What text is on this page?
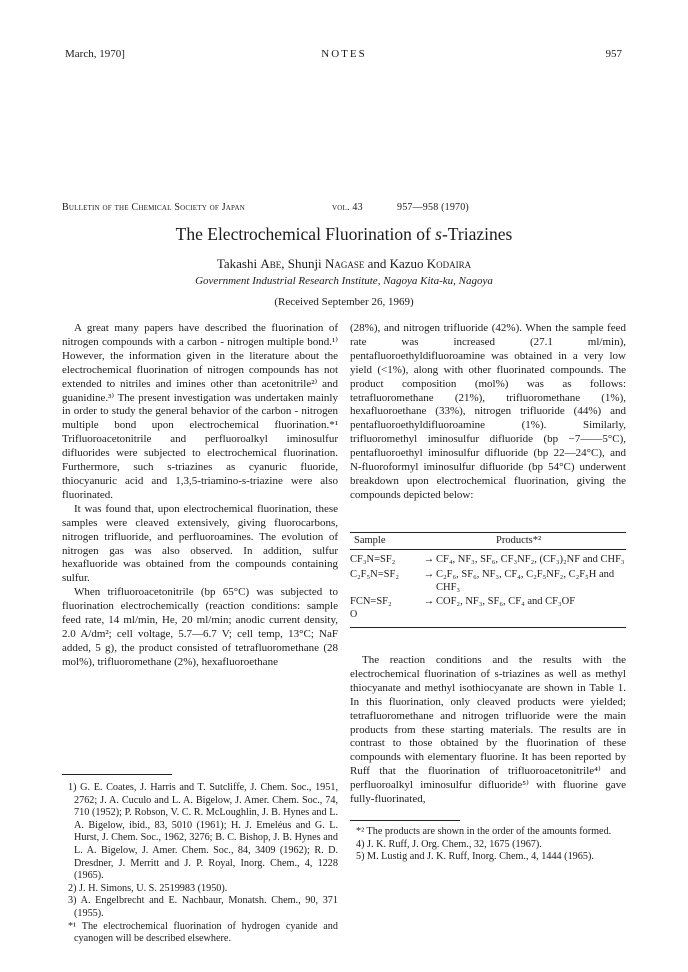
March, 1970]	NOTES	957
Bulletin of the Chemical Society of Japan	vol. 43	957—958 (1970)
The Electrochemical Fluorination of s-Triazines
Takashi Abe, Shunji Nagase and Kazuo Kodaira
Government Industrial Research Institute, Nagoya Kita-ku, Nagoya
(Received September 26, 1969)

A great many papers have described the fluorination of nitrogen compounds with a carbon - nitrogen multiple bond.¹⁾ However, the information given in the literature about the electrochemical fluorination of nitrogen compounds has not extended to nitriles and imines other than acetonitrile²⁾ and guanidine.³⁾ The present investigation was undertaken mainly in order to study the general behavior of the carbon - nitrogen multiple bond upon electrochemical fluorination.*¹ Trifluoroacetonitrile and perfluoroalkyl iminosulfur difluorides were subjected to electrochemical fluorination. Furthermore, such s-triazines as cyanuric fluoride, thiocyanuric acid and 1,3,5-triamino-s-triazine were also fluorinated.

It was found that, upon electrochemical fluorination, these samples were cleaved extensively, giving fluorocarbons, nitrogen trifluoride, and perfluoroamines. The evolution of nitrogen gas was also observed. In addition, sulfur hexafluoride was obtained from the compounds containing sulfur.

When trifluoroacetonitrile (bp 65°C) was subjected to fluorination electrochemically (reaction conditions: sample feed rate, 14 ml/min, He, 20 ml/min; anodic current density, 2.0 A/dm²; cell voltage, 5.7—6.7 V; cell temp, 13°C; NaF added, 5 g), the product consisted of tetrafluoromethane (28 mol%), trifluoromethane (2%), hexafluoroethane

(28%), and nitrogen trifluoride (42%). When the sample feed rate was increased (27.1 ml/min), pentafluoroethyldifluoroamine was obtained in a very low yield (<1%), along with other fluorinated compounds. The product composition (mol%) was as follows: tetrafluoromethane (21%), trifluoromethane (1%), hexafluoroethane (33%), nitrogen trifluoride (44%) and pentafluoroethyldifluoroamine (1%). Similarly, trifluoromethyl iminosulfur difluoride (bp −7——5°C), pentafluoroethyl iminosulfur difluoride (bp 22—24°C), and N-fluoroformyl iminosulfur difluoride (bp 54°C) underwent breakdown upon electrochemical fluorination, giving the compounds depicted below:

Sample		Products*²
CF₃N=SF₂	→	CF₄, NF₃, SF₆, CF₃NF₂, (CF₃)₂NF and CHF₃
C₂F₅N=SF₂	→	C₂F₆, SF₆, NF₃, CF₄, C₂F₅NF₂, C₂F₅H and CHF₃
FCN=SF₂
O	→	COF₂, NF₃, SF₆, CF₄ and CF₃OF

The reaction conditions and the results with the electrochemical fluorination of s-triazines as well as methyl thiocyanate and methyl isothiocyanate are shown in Table 1. In this fluorination, only cleaved products were yielded; tetrafluoromethane and nitrogen trifluoride were the main products from these starting materials. The results are in contrast to those obtained by the fluorination of these compounds with elementary fluorine. It has been reported by Ruff that the fluorination of trifluoroacetonitrile⁴⁾ and perfluoroalkyl iminosulfur difluoride⁵⁾ with fluorine gave fully-fluorinated,

1) G. E. Coates, J. Harris and T. Sutcliffe, J. Chem. Soc., 1951, 2762; J. A. Cuculo and L. A. Bigelow, J. Amer. Chem. Soc., 74, 710 (1952); P. Robson, V. C. R. McLoughlin, J. B. Hynes and L. A. Bigelow, ibid., 83, 5010 (1961); H. J. Emeléus and G. L. Hurst, J. Chem. Soc., 1962, 3276; B. C. Bishop, J. B. Hynes and L. A. Bigelow, J. Amer. Chem. Soc., 84, 3409 (1962); R. D. Dresdner, J. Merritt and J. P. Royal, Inorg. Chem., 4, 1228 (1965).

2) J. H. Simons, U. S. 2519983 (1950).

3) A. Engelbrecht and E. Nachbaur, Monatsh. Chem., 90, 371 (1955).

*¹ The electrochemical fluorination of hydrogen cyanide and cyanogen will be described elsewhere.

*² The products are shown in the order of the amounts formed.

4) J. K. Ruff, J. Org. Chem., 32, 1675 (1967).

5) M. Lustig and J. K. Ruff, Inorg. Chem., 4, 1444 (1965).
